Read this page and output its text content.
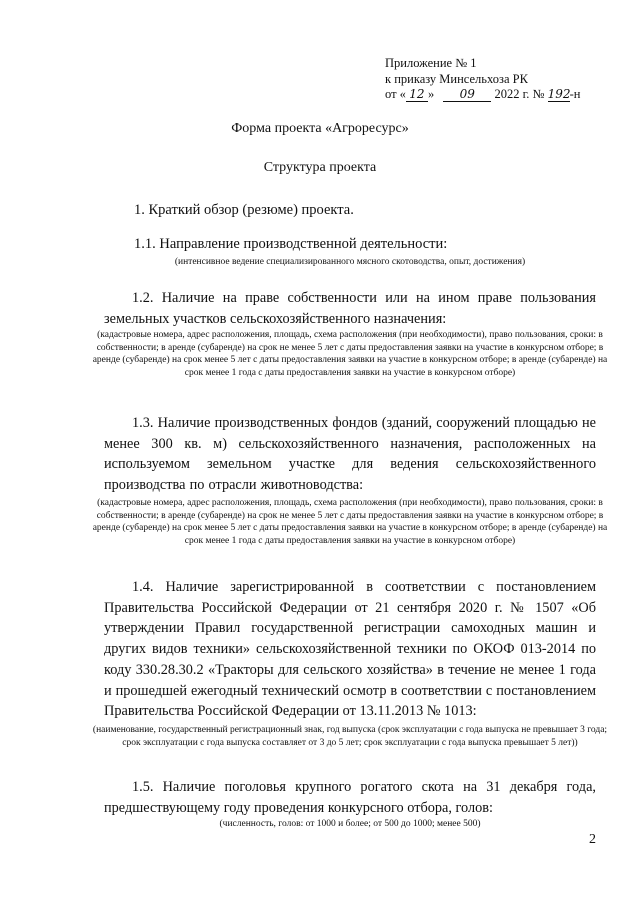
Приложение № 1
к приказу Минсельхоза РК
от « 12 » 09 2022 г. № 192-н
Форма проекта «Агроресурс»
Структура проекта
1. Краткий обзор (резюме) проекта.
1.1. Направление производственной деятельности:
(интенсивное ведение специализированного мясного скотоводства, опыт, достижения)

1.2. Наличие на праве собственности или на ином праве пользования земельных участков сельскохозяйственного назначения:

(кадастровые номера, адрес расположения, площадь, схема расположения (при необходимости), право пользования, сроки: в собственности; в аренде (субаренде) на срок не менее 5 лет с даты предоставления заявки на участие в конкурсном отборе; в аренде (субаренде) на срок менее 5 лет с даты предоставления заявки на участие в конкурсном отборе; в аренде (субаренде) на срок менее 1 года с даты предоставления заявки на участие в конкурсном отборе)

1.3. Наличие производственных фондов (зданий, сооружений площадью не менее 300 кв. м) сельскохозяйственного назначения, расположенных на используемом земельном участке для ведения сельскохозяйственного производства по отрасли животноводства:

(кадастровые номера, адрес расположения, площадь, схема расположения (при необходимости), право пользования, сроки: в собственности; в аренде (субаренде) на срок не менее 5 лет с даты предоставления заявки на участие в конкурсном отборе; в аренде (субаренде) на срок менее 5 лет с даты предоставления заявки на участие в конкурсном отборе; в аренде (субаренде) на срок менее 1 года с даты предоставления заявки на участие в конкурсном отборе)

1.4. Наличие зарегистрированной в соответствии с постановлением Правительства Российской Федерации от 21 сентября 2020 г. № 1507 «Об утверждении Правил государственной регистрации самоходных машин и других видов техники» сельскохозяйственной техники по ОКОФ 013-2014 по коду 330.28.30.2 «Тракторы для сельского хозяйства» в течение не менее 1 года и прошедшей ежегодный технический осмотр в соответствии с постановлением Правительства Российской Федерации от 13.11.2013 № 1013:

(наименование, государственный регистрационный знак, год выпуска (срок эксплуатации с года выпуска не превышает 3 года; срок эксплуатации с года выпуска составляет от 3 до 5 лет; срок эксплуатации с года выпуска превышает 5 лет))

1.5. Наличие поголовья крупного рогатого скота на 31 декабря года, предшествующему году проведения конкурсного отбора, голов:

(численность, голов: от 1000 и более; от 500 до 1000; менее 500)
2
